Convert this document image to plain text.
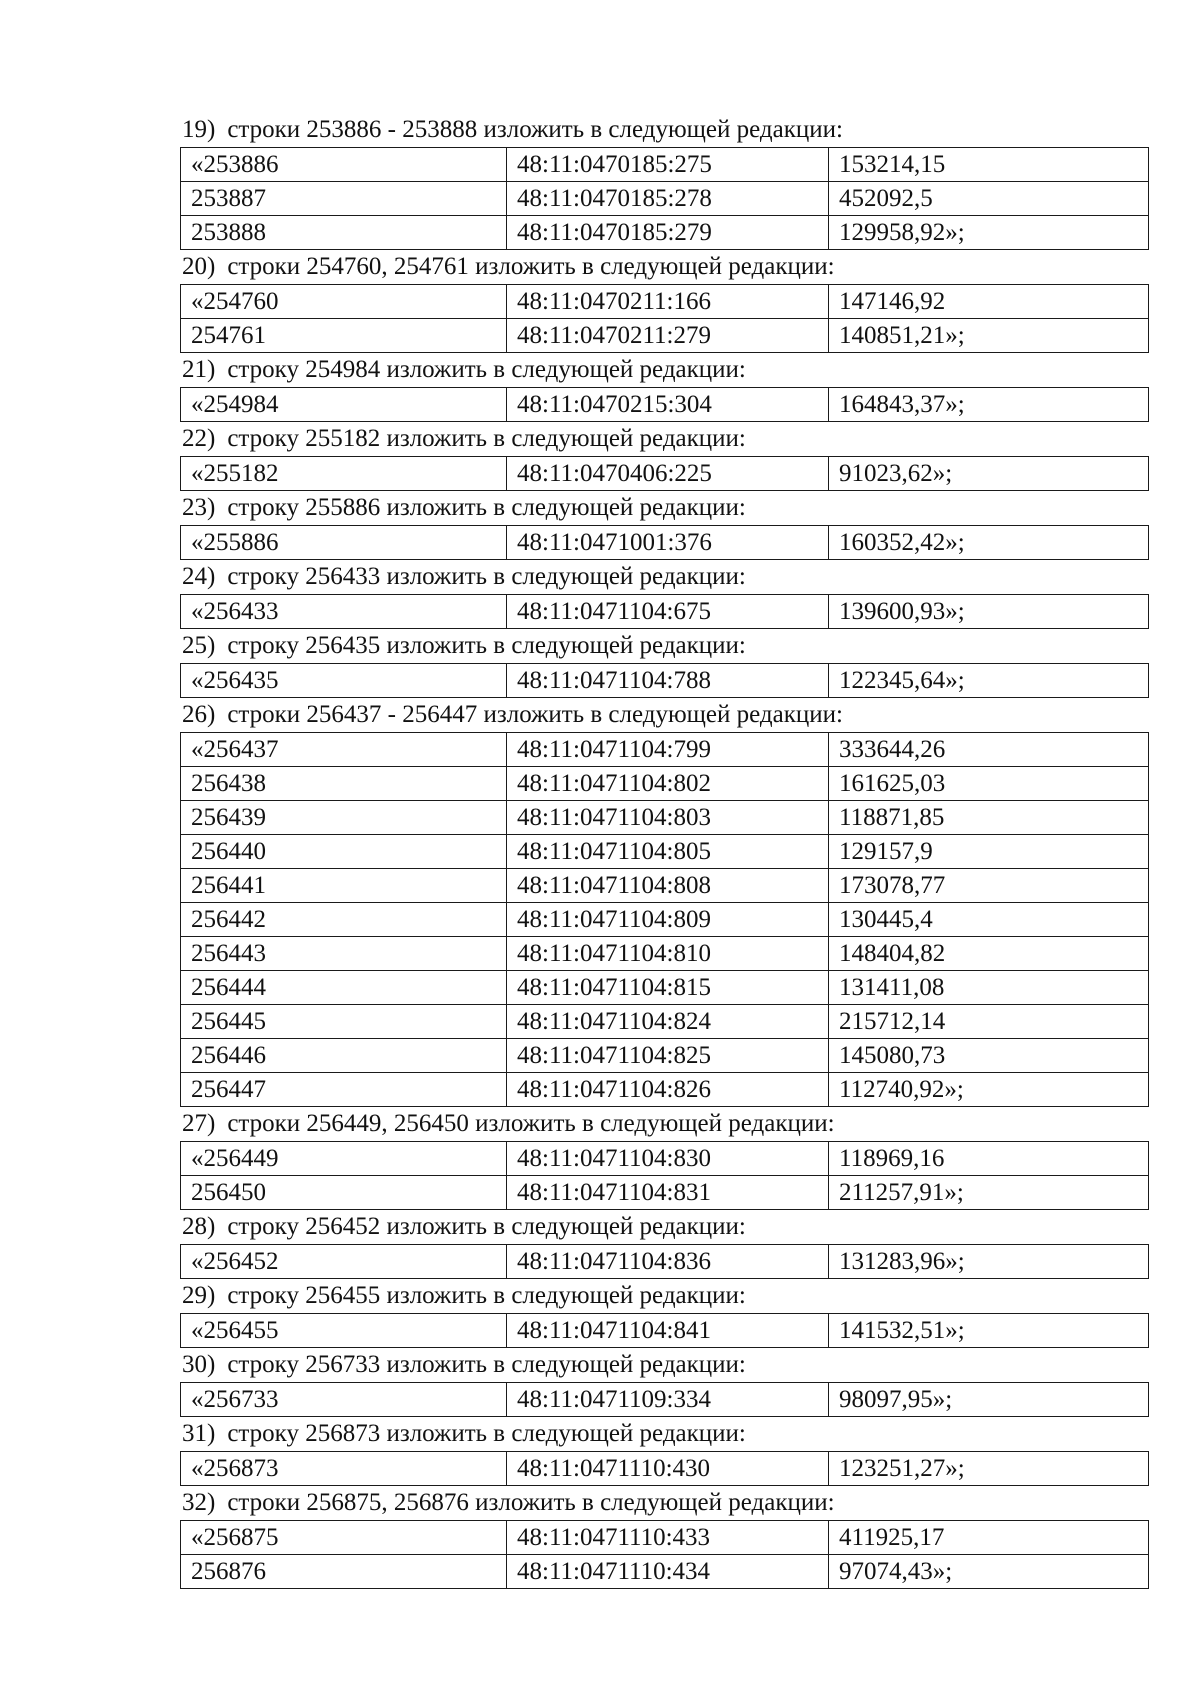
19) строки 253886 - 253888 изложить в следующей редакции:
«253886	48:11:0470185:275	153214,15
253887	48:11:0470185:278	452092,5
253888	48:11:0470185:279	129958,92»;
20) строки 254760, 254761 изложить в следующей редакции:
«254760	48:11:0470211:166	147146,92
254761	48:11:0470211:279	140851,21»;
21) строку 254984 изложить в следующей редакции:
«254984	48:11:0470215:304	164843,37»;
22) строку 255182 изложить в следующей редакции:
«255182	48:11:0470406:225	91023,62»;
23) строку 255886 изложить в следующей редакции:
«255886	48:11:0471001:376	160352,42»;
24) строку 256433 изложить в следующей редакции:
«256433	48:11:0471104:675	139600,93»;
25) строку 256435 изложить в следующей редакции:
«256435	48:11:0471104:788	122345,64»;
26) строки 256437 - 256447 изложить в следующей редакции:
«256437	48:11:0471104:799	333644,26
256438	48:11:0471104:802	161625,03
256439	48:11:0471104:803	118871,85
256440	48:11:0471104:805	129157,9
256441	48:11:0471104:808	173078,77
256442	48:11:0471104:809	130445,4
256443	48:11:0471104:810	148404,82
256444	48:11:0471104:815	131411,08
256445	48:11:0471104:824	215712,14
256446	48:11:0471104:825	145080,73
256447	48:11:0471104:826	112740,92»;
27) строки 256449, 256450 изложить в следующей редакции:
«256449	48:11:0471104:830	118969,16
256450	48:11:0471104:831	211257,91»;
28) строку 256452 изложить в следующей редакции:
«256452	48:11:0471104:836	131283,96»;
29) строку 256455 изложить в следующей редакции:
«256455	48:11:0471104:841	141532,51»;
30) строку 256733 изложить в следующей редакции:
«256733	48:11:0471109:334	98097,95»;
31) строку 256873 изложить в следующей редакции:
«256873	48:11:0471110:430	123251,27»;
32) строки 256875, 256876 изложить в следующей редакции:
«256875	48:11:0471110:433	411925,17
256876	48:11:0471110:434	97074,43»;
